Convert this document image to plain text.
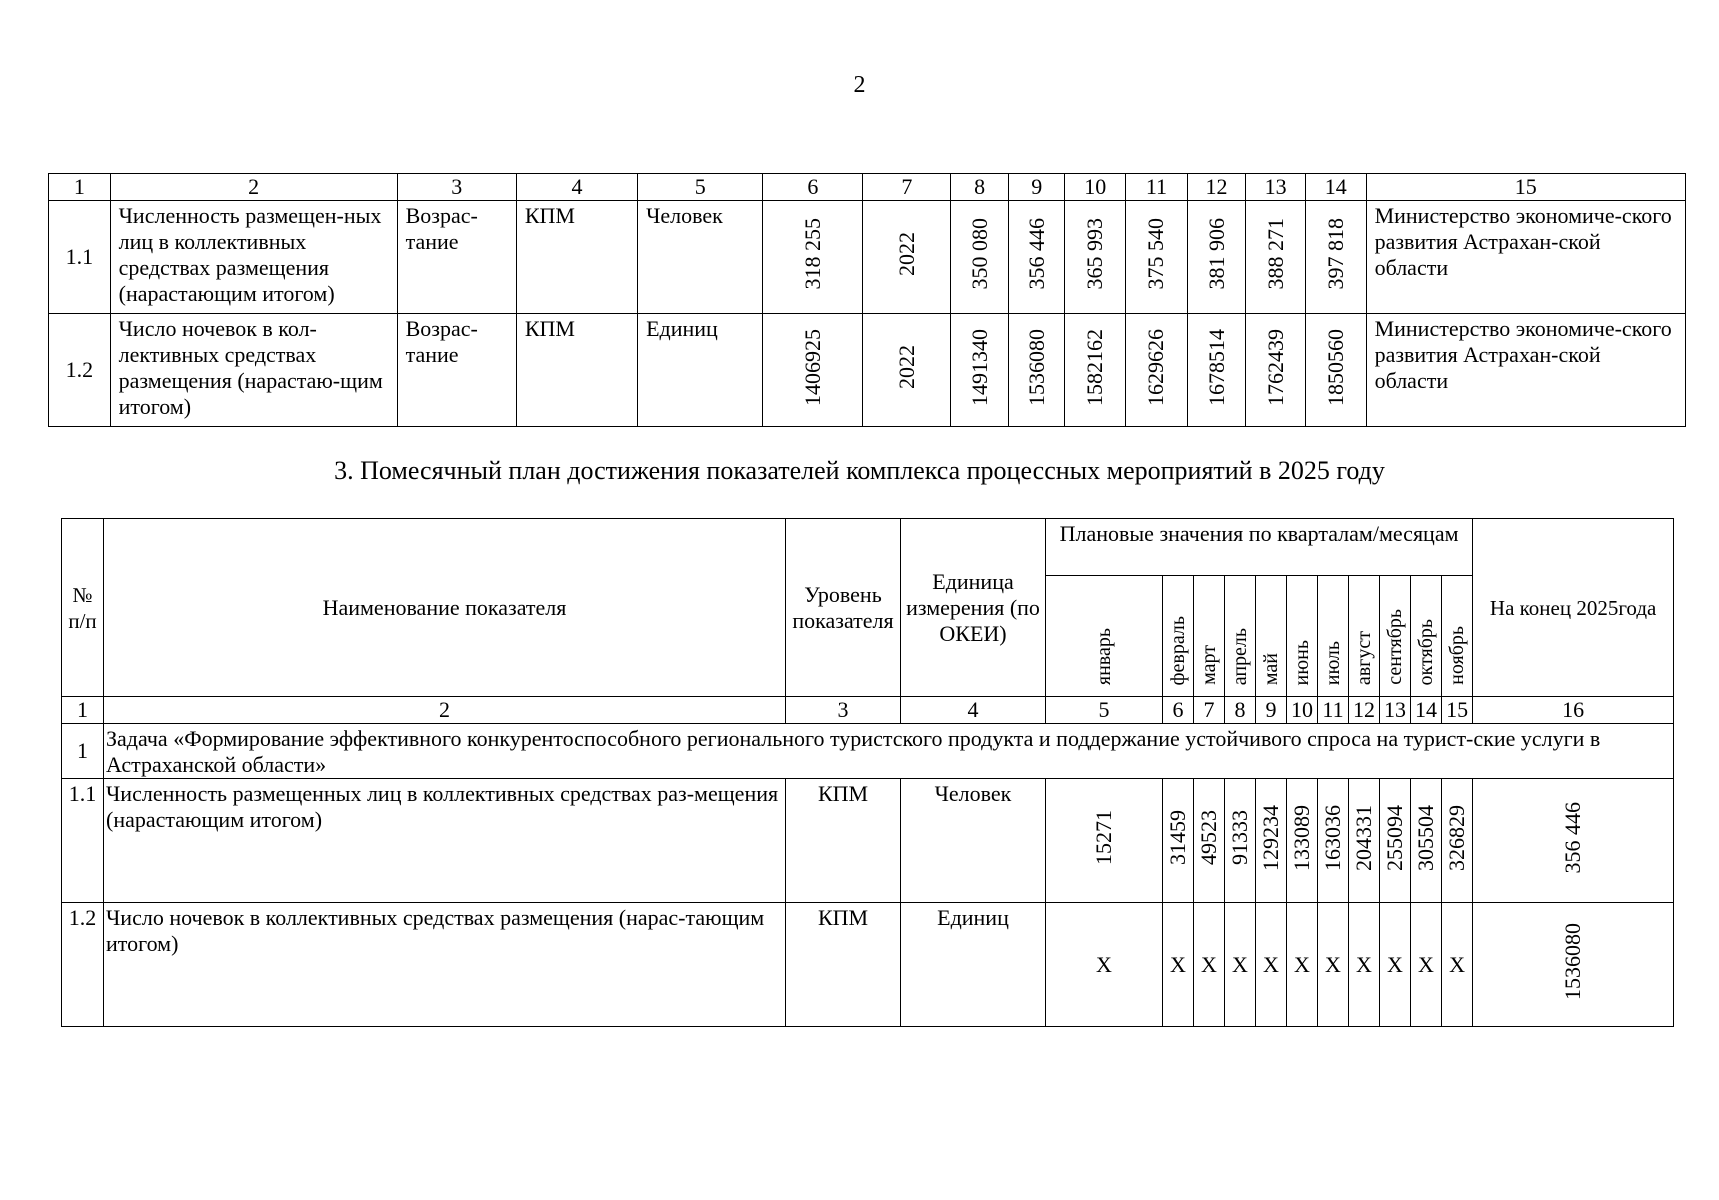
2
1	2	3	4	5	6	7	8	9	10	11	12	13	14	15
1.1	Численность размещен-ных лиц в коллективных средствах размещения (нарастающим итогом)	Возрас-тание	КПМ	Человек	318 255	2022	350 080	356 446	365 993	375 540	381 906	388 271	397 818	Министерство экономиче-ского развития Астрахан-ской области
1.2	Число ночевок в кол-лективных средствах размещения (нарастаю-щим итогом)	Возрас-тание	КПМ	Единиц	1406925	2022	1491340	1536080	1582162	1629626	1678514	1762439	1850560	Министерство экономиче-ского развития Астрахан-ской области
3. Помесячный план достижения показателей комплекса процессных мероприятий в 2025 году
№ п/п	Наименование показателя	Уровень показателя	Единица измерения (по ОКЕИ)	Плановые значения по кварталам/месяцам											На конец 2025года
				январь	февраль	март	апрель	май	июнь	июль	август	сентябрь	октябрь	ноябрь	
1	2	3	4	5	6	7	8	9	10	11	12	13	14	15	16
1	Задача «Формирование эффективного конкурентоспособного регионального туристского продукта и поддержание устойчивого спроса на турист-ские услуги в Астраханской области»														
1.1	Численность размещенных лиц в коллективных средствах раз-мещения (нарастающим итогом)	КПМ	Человек	15271	31459	49523	91333	129234	133089	163036	204331	255094	305504	326829	356 446
1.2	Число ночевок в коллективных средствах размещения (нарас-тающим итогом)	КПМ	Единиц	Х	Х	Х	Х	Х	Х	Х	Х	Х	Х	Х	1536080
